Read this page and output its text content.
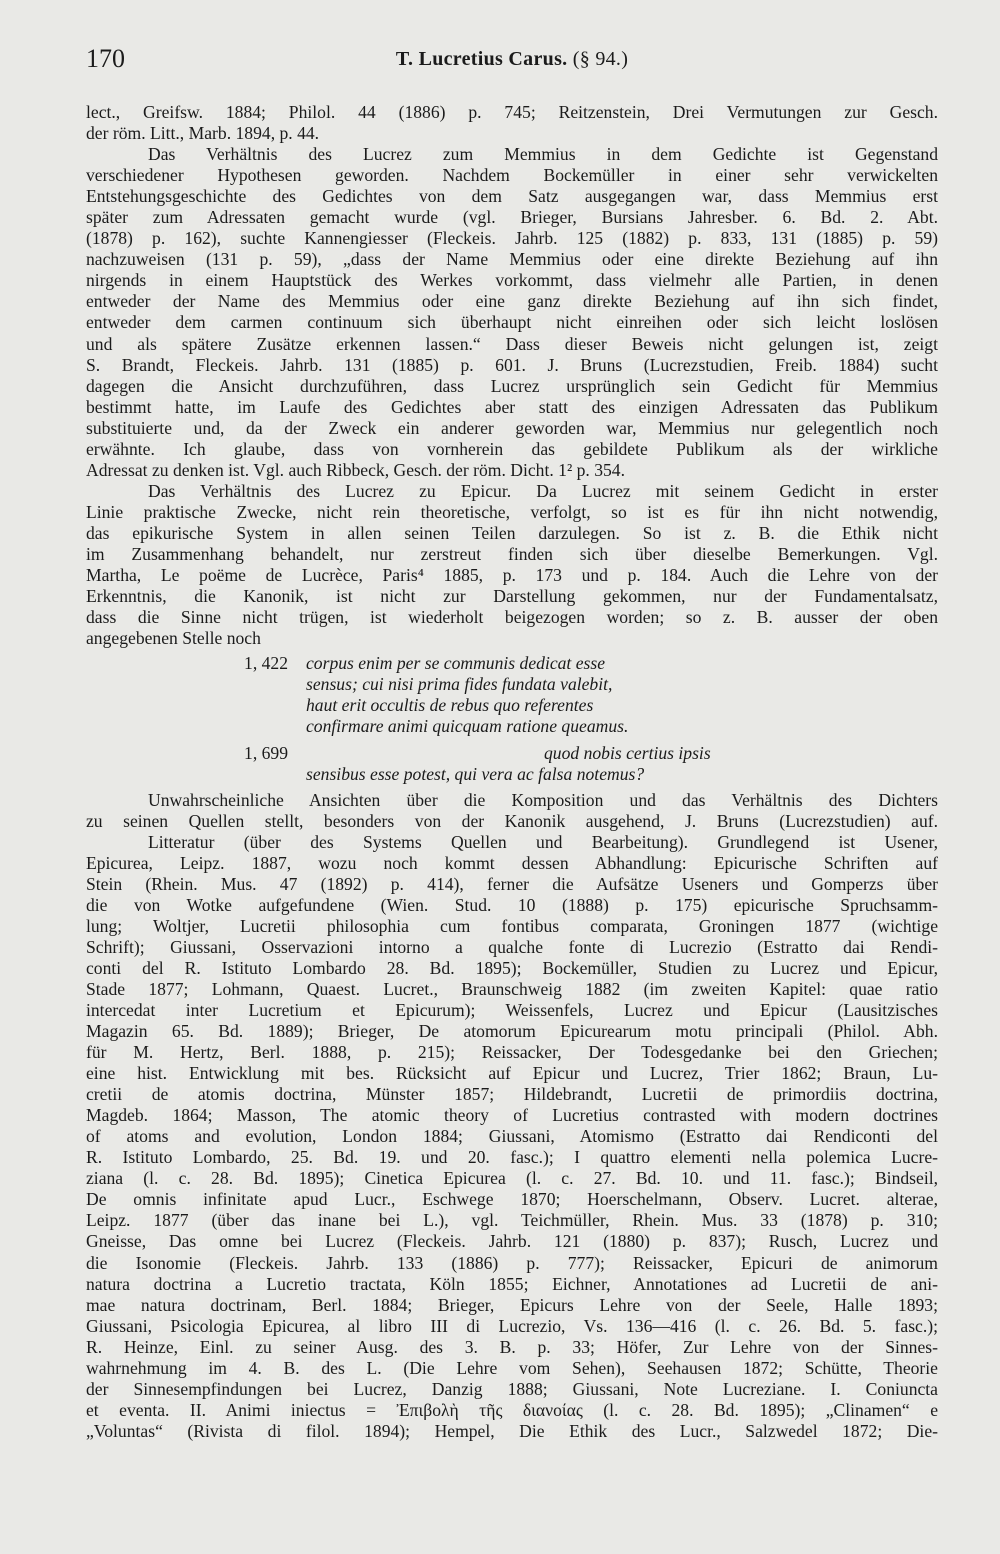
170	T. Lucretius Carus. (§ 94.)
lect., Greifsw. 1884; Philol. 44 (1886) p. 745; Reitzenstein, Drei Vermutungen zur Gesch.
der röm. Litt., Marb. 1894, p. 44.
Das Verhältnis des Lucrez zum Memmius in dem Gedichte ist Gegenstand
verschiedener Hypothesen geworden. Nachdem Bockemüller in einer sehr verwickelten
Entstehungsgeschichte des Gedichtes von dem Satz ausgegangen war, dass Memmius erst
später zum Adressaten gemacht wurde (vgl. Brieger, Bursians Jahresber. 6. Bd. 2. Abt.
(1878) p. 162), suchte Kannengiesser (Fleckeis. Jahrb. 125 (1882) p. 833, 131 (1885) p. 59)
nachzuweisen (131 p. 59), „dass der Name Memmius oder eine direkte Beziehung auf ihn
nirgends in einem Hauptstück des Werkes vorkommt, dass vielmehr alle Partien, in denen
entweder der Name des Memmius oder eine ganz direkte Beziehung auf ihn sich findet,
entweder dem carmen continuum sich überhaupt nicht einreihen oder sich leicht loslösen
und als spätere Zusätze erkennen lassen.“ Dass dieser Beweis nicht gelungen ist, zeigt
S. Brandt, Fleckeis. Jahrb. 131 (1885) p. 601. J. Bruns (Lucrezstudien, Freib. 1884) sucht
dagegen die Ansicht durchzuführen, dass Lucrez ursprünglich sein Gedicht für Memmius
bestimmt hatte, im Laufe des Gedichtes aber statt des einzigen Adressaten das Publikum
substituierte und, da der Zweck ein anderer geworden war, Memmius nur gelegentlich noch
erwähnte. Ich glaube, dass von vornherein das gebildete Publikum als der wirkliche
Adressat zu denken ist. Vgl. auch Ribbeck, Gesch. der röm. Dicht. 1² p. 354.
Das Verhältnis des Lucrez zu Epicur. Da Lucrez mit seinem Gedicht in erster
Linie praktische Zwecke, nicht rein theoretische, verfolgt, so ist es für ihn nicht notwendig,
das epikurische System in allen seinen Teilen darzulegen. So ist z. B. die Ethik nicht
im Zusammenhang behandelt, nur zerstreut finden sich über dieselbe Bemerkungen. Vgl.
Martha, Le poëme de Lucrèce, Paris⁴ 1885, p. 173 und p. 184. Auch die Lehre von der
Erkenntnis, die Kanonik, ist nicht zur Darstellung gekommen, nur der Fundamentalsatz,
dass die Sinne nicht trügen, ist wiederholt beigezogen worden; so z. B. ausser der oben
angegebenen Stelle noch
1, 422 corpus enim per se communis dedicat esse
sensus; cui nisi prima fides fundata valebit,
haut erit occultis de rebus quo referentes
confirmare animi quicquam ratione queamus.
1, 699	quod nobis certius ipsis
sensibus esse potest, qui vera ac falsa notemus?
Unwahrscheinliche Ansichten über die Komposition und das Verhältnis des Dichters
zu seinen Quellen stellt, besonders von der Kanonik ausgehend, J. Bruns (Lucrezstudien) auf.
Litteratur (über des Systems Quellen und Bearbeitung). Grundlegend ist Usener,
Epicurea, Leipz. 1887, wozu noch kommt dessen Abhandlung: Epicurische Schriften auf
Stein (Rhein. Mus. 47 (1892) p. 414), ferner die Aufsätze Useners und Gomperzs über
die von Wotke aufgefundene (Wien. Stud. 10 (1888) p. 175) epicurische Spruchsamm-
lung; Woltjer, Lucretii philosophia cum fontibus comparata, Groningen 1877 (wichtige
Schrift); Giussani, Osservazioni intorno a qualche fonte di Lucrezio (Estratto dai Rendi-
conti del R. Istituto Lombardo 28. Bd. 1895); Bockemüller, Studien zu Lucrez und Epicur,
Stade 1877; Lohmann, Quaest. Lucret., Braunschweig 1882 (im zweiten Kapitel: quae ratio
intercedat inter Lucretium et Epicurum); Weissenfels, Lucrez und Epicur (Lausitzisches
Magazin 65. Bd. 1889); Brieger, De atomorum Epicurearum motu principali (Philol. Abh.
für M. Hertz, Berl. 1888, p. 215); Reissacker, Der Todesgedanke bei den Griechen;
eine hist. Entwicklung mit bes. Rücksicht auf Epicur und Lucrez, Trier 1862; Braun, Lu-
cretii de atomis doctrina, Münster 1857; Hildebrandt, Lucretii de primordiis doctrina,
Magdeb. 1864; Masson, The atomic theory of Lucretius contrasted with modern doctrines
of atoms and evolution, London 1884; Giussani, Atomismo (Estratto dai Rendiconti del
R. Istituto Lombardo, 25. Bd. 19. und 20. fasc.); I quattro elementi nella polemica Lucre-
ziana (l. c. 28. Bd. 1895); Cinetica Epicurea (l. c. 27. Bd. 10. und 11. fasc.); Bindseil,
De omnis infinitate apud Lucr., Eschwege 1870; Hoerschelmann, Observ. Lucret. alterae,
Leipz. 1877 (über das inane bei L.), vgl. Teichmüller, Rhein. Mus. 33 (1878) p. 310;
Gneisse, Das omne bei Lucrez (Fleckeis. Jahrb. 121 (1880) p. 837); Rusch, Lucrez und
die Isonomie (Fleckeis. Jahrb. 133 (1886) p. 777); Reissacker, Epicuri de animorum
natura doctrina a Lucretio tractata, Köln 1855; Eichner, Annotationes ad Lucretii de ani-
mae natura doctrinam, Berl. 1884; Brieger, Epicurs Lehre von der Seele, Halle 1893;
Giussani, Psicologia Epicurea, al libro III di Lucrezio, Vs. 136—416 (l. c. 26. Bd. 5. fasc.);
R. Heinze, Einl. zu seiner Ausg. des 3. B. p. 33; Höfer, Zur Lehre von der Sinnes-
wahrnehmung im 4. B. des L. (Die Lehre vom Sehen), Seehausen 1872; Schütte, Theorie
der Sinnesempfindungen bei Lucrez, Danzig 1888; Giussani, Note Lucreziane. I. Coniuncta
et eventa. II. Animi iniectus = Ἐπιβολὴ τῆς διανοίας (l. c. 28. Bd. 1895); „Clinamen“ e
„Voluntas“ (Rivista di filol. 1894); Hempel, Die Ethik des Lucr., Salzwedel 1872; Die-
